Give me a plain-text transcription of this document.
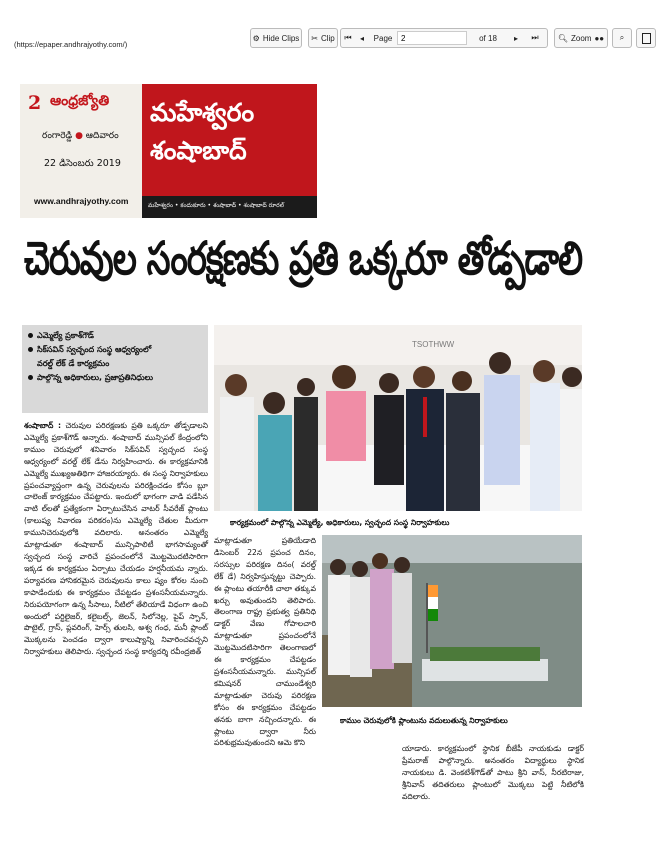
(https://epaper.andhrajyothy.com/)
⚙ Hide Clips ✂ Clip	⏮	◂	Page
2	of 18	▸	⏭	🔍︎ Zoom ●● ⌕
2 ఆంధ్రజ్యోతి
రంగారెడ్డి ● ఆదివారం
22 డిసెంబరు 2019
www.andhrajyothy.com
మహేశ్వరం
శంషాబాద్
మహేశ్వరం • కందుకూరు • శంషాబాద్ • శంషాబాద్ రూరల్
చెరువుల సంరక్షణకు ప్రతి ఒక్కరూ తోడ్పడాలి
ఎమ్మెల్యే ప్రకాశ్‌గౌడ్
సిక్‌సవిన్ స్వచ్ఛంద సంస్థ ఆధ్వర్యంలో
వరల్డ్ లేక్ డే కార్యక్రమం
పాల్గొన్న అధికారులు, ప్రజాప్రతినిధులు
శంషాబాద్ : చెరువుల పరిరక్షణకు ప్రతి ఒక్కరూ తోడ్పడాలని ఎమ్మెల్యే ప్రకాశ్‌గౌడ్ అన్నారు. శంషాబాద్ మున్సిపల్ కేంద్రంలోని కాముం చెరువులో శనివారం సిక్‌సవిన్ స్వచ్ఛంద సంస్థ ఆధ్వర్యంలో వరల్డ్ లేక్ డేను నిర్వహించారు. ఈ కార్యక్రమానికి ఎమ్మెల్యే ముఖ్యఅతిథిగా హాజరయ్యారు. ఈ సంస్థ నిర్వాహకులు ప్రపంచవ్యాప్తంగా ఉన్న చెరువులను పరిరక్షించడం కోసం బ్లూ చాలెంజ్ కార్యక్రమం చేపట్టారు. ఇందులో భాగంగా వాడి పడేసిన వాటి ల్‌లతో ప్రత్యేకంగా ఏర్పాటుచేసిన వాటర్ సీవరేజ్ ప్లాంటు (కాలుష్య నివారణ పరికరం)ను ఎమ్మెల్యే చేతుల మీదుగా కామునిచెరువులోకి వదిలారు. అనంతరం ఎమ్మెల్యే మాట్లాడుతూ శంషాబాద్ మున్సిపాలిటీ భాగసామ్యంతో స్వచ్ఛంద సంస్థ వారిచే ప్రపంచంలోనే మొట్టమొదటిసారిగా ఇక్కడ ఈ కార్యక్రమం ఏర్పాటు చేయడం హర్షనీయమ న్నారు. పర్యావరణ హానికరమైన చెరువులను కాలు ష్యం కోరల నుంచి కాపాడేందుకు ఈ కార్యక్రమం చేపట్టడం ప్రశంసనీయమన్నారు. నిరుపయోగంగా ఉన్న సీసాలు, నీటిలో తేలియాడే విధంగా ఉంచి అందులో పర్టిలైజర్, కలైబల్స్, జెలన్, సిలోనెల్ల, పైప్ స్పాన్, పొటైల్, గ్రాస్, ప్లవరింగ్, హెర్స్ తులసి, అశ్వ గంధ, మనీ ప్లాంట్ మొక్కలను పెంచడం ద్వారా కాలుష్యాన్ని నివారించవచ్చని నిర్వాహకులు తెలిపారు. స్వచ్ఛంద సంస్థ కార్యదర్శి రవీంద్రజిత్
TSOTHWW
కార్యక్రమంలో పాల్గొన్న ఎమ్మెల్యే, అధికారులు, స్వచ్ఛంద సంస్థ నిర్వాహకులు
మాట్లాడుతూ ప్రతియేడాది డిసెంబర్ 22న ప్రపంచ దినం, సరస్సుల పరిరక్షణ దినం( వరల్డ్ లేక్ డే) నిర్వహిస్తున్నట్టు చెప్పారు. ఈ ప్లాంటు తయారీకి చాలా తక్కువ ఖర్చు అవుతుందని తెలిపారు. తెలంగాణ రాష్ట్ర ప్రభుత్వ ప్రతినిధి డాక్టర్ వేణు గోపాలచారి మాట్లాడుతూ ప్రపంచంలోనే మొట్టమొదటిసారిగా తెలంగాణలో ఈ కార్యక్రమం చేపట్టడం ప్రశంసనీయమన్నారు. మున్సిపల్ కమిషనర్ చాముండేశ్వరి మాట్లాడుతూ చెరువు పరిరక్షణ కోసం ఈ కార్యక్రమం చేపట్టడం తనకు బాగా నచ్చిందన్నారు. ఈ ప్లాంటు ద్వారా నీరు పరిశుభ్రమవుతుందని ఆమె కొని
కాముం చెరువులోకి ప్లాంటును వదులుతున్న నిర్వాహకులు
యాడారు. కార్యక్రమంలో స్థానిక బీజేపీ నాయకుడు డాక్టర్ ప్రేమరాజ్ పాల్గొన్నారు. అనంతరం విద్యార్థులు స్థానిక నాయకులు డి. వెంకటేశ్‌గౌడ్‌తో పాటు శ్రీని వాస్, నీరటిరాజు, శ్రీనివాస్ తదితరులు ప్లాంటులో మొక్కలు పెట్టి నీటిలోకి వదిలారు.
